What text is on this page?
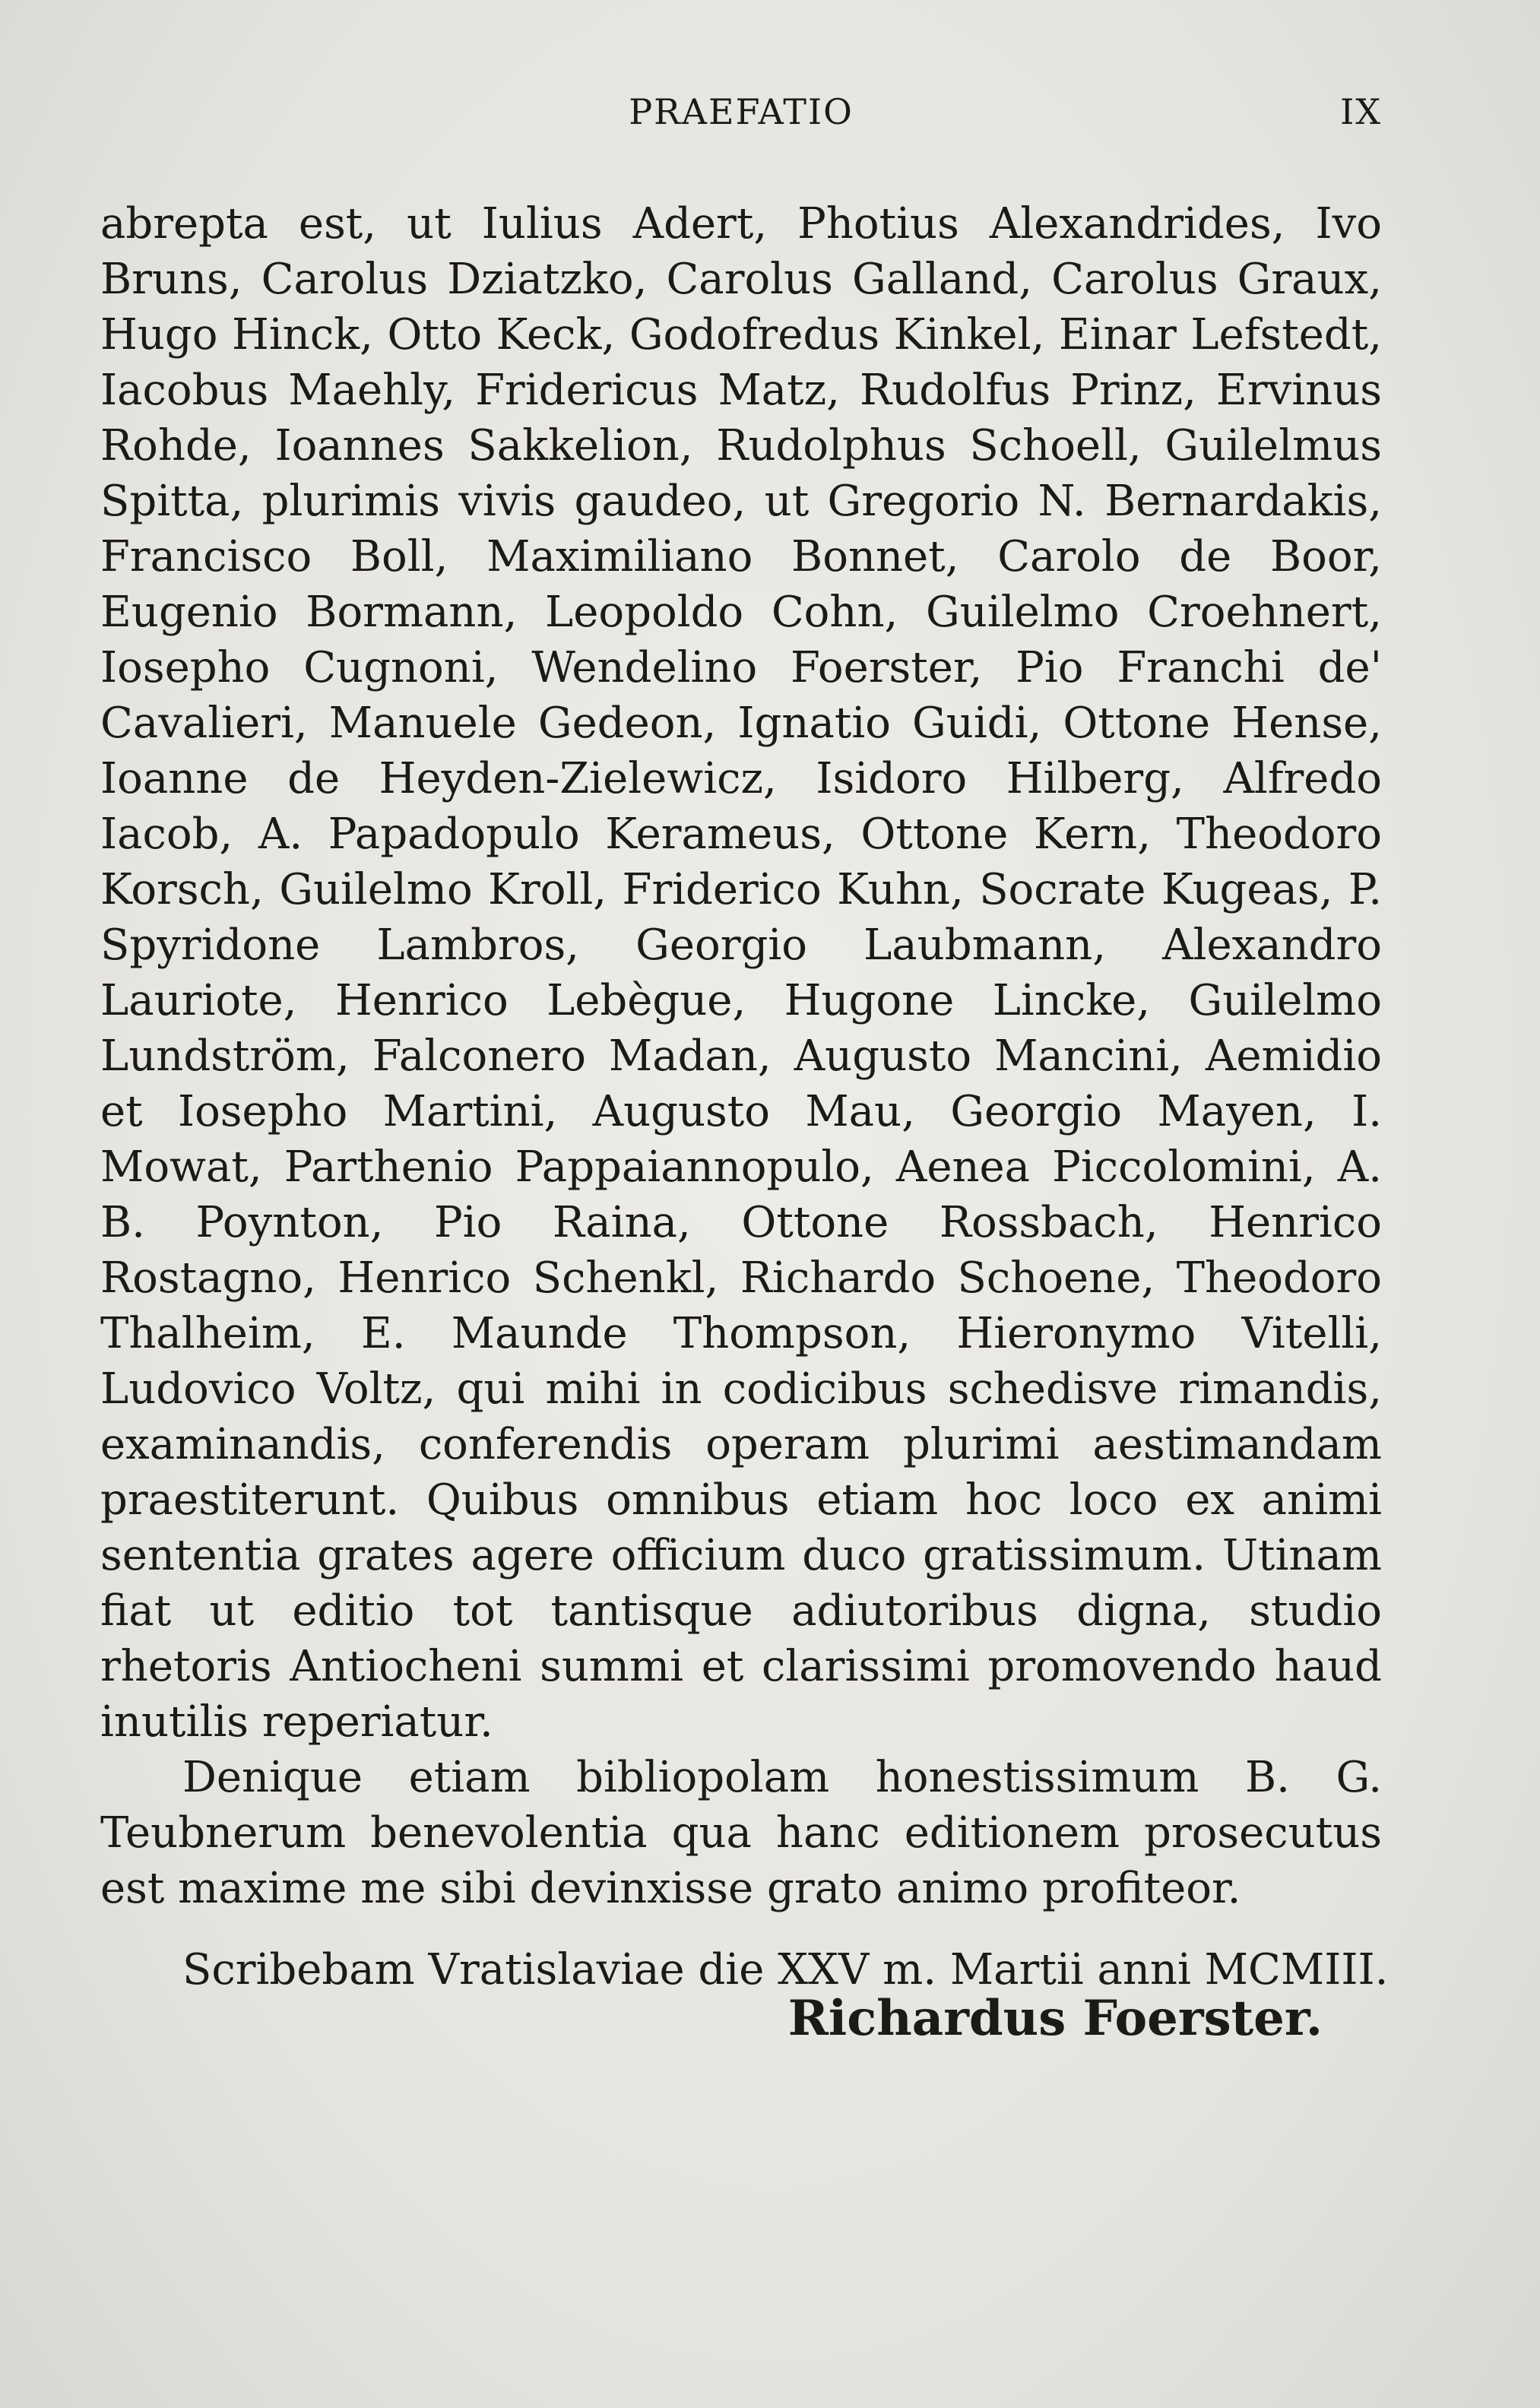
PRAEFATIO	IX

abrepta est, ut Iulius Adert, Photius Alexandrides, Ivo Bruns, Carolus Dziatzko, Carolus Galland, Carolus Graux, Hugo Hinck, Otto Keck, Godofredus Kinkel, Einar Lefstedt, Iacobus Maehly, Fridericus Matz, Rudolfus Prinz, Ervinus Rohde, Ioannes Sakkelion, Rudolphus Schoell, Guilelmus Spitta, plurimis vivis gaudeo, ut Gregorio N. Bernardakis, Francisco Boll, Maximiliano Bonnet, Carolo de Boor, Eugenio Bormann, Leopoldo Cohn, Guilelmo Croehnert, Iosepho Cugnoni, Wendelino Foerster, Pio Franchi de' Cavalieri, Manuele Gedeon, Ignatio Guidi, Ottone Hense, Ioanne de Heyden-Zielewicz, Isidoro Hilberg, Alfredo Iacob, A. Papadopulo Kerameus, Ottone Kern, Theodoro Korsch, Guilelmo Kroll, Friderico Kuhn, Socrate Kugeas, P. Spyridone Lambros, Georgio Laubmann, Alexandro Lauriote, Henrico Lebègue, Hugone Lincke, Guilelmo Lundström, Falconero Madan, Augusto Mancini, Aemidio et Iosepho Martini, Augusto Mau, Georgio Mayen, I. Mowat, Parthenio Pappaiannopulo, Aenea Piccolomini, A. B. Poynton, Pio Raina, Ottone Rossbach, Henrico Rostagno, Henrico Schenkl, Richardo Schoene, Theodoro Thalheim, E. Maunde Thompson, Hieronymo Vitelli, Ludovico Voltz, qui mihi in codicibus schedisve rimandis, examinandis, conferendis operam plurimi aestimandam praestiterunt. Quibus omnibus etiam hoc loco ex animi sententia grates agere officium duco gratissimum. Utinam fiat ut editio tot tantisque adiutoribus digna, studio rhetoris Antiocheni summi et clarissimi promovendo haud inutilis reperiatur.

Denique etiam bibliopolam honestissimum B. G. Teubnerum benevolentia qua hanc editionem prosecutus est maxime me sibi devinxisse grato animo profiteor.

Scribebam Vratislaviae die XXV m. Martii anni MCMIII.

Richardus Foerster.
